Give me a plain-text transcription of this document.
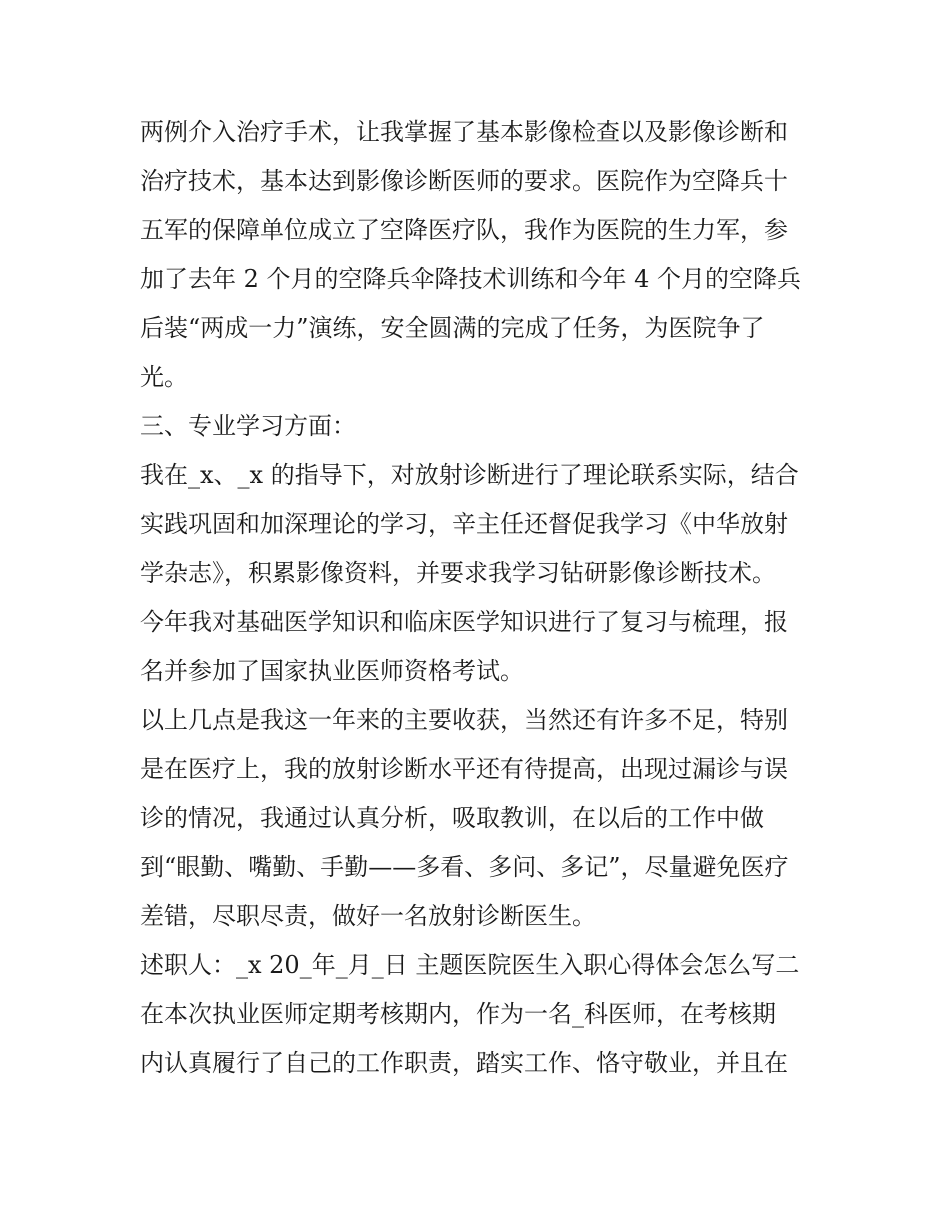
两例介入治疗手术，让我掌握了基本影像检查以及影像诊断和
治疗技术，基本达到影像诊断医师的要求。医院作为空降兵十
五军的保障单位成立了空降医疗队，我作为医院的生力军，参
加了去年 2 个月的空降兵伞降技术训练和今年 4 个月的空降兵
后装“两成一力”演练，安全圆满的完成了任务，为医院争了
光。
三、专业学习方面：
我在_x、_x 的指导下，对放射诊断进行了理论联系实际，结合
实践巩固和加深理论的学习，辛主任还督促我学习《中华放射
学杂志》，积累影像资料，并要求我学习钻研影像诊断技术。
今年我对基础医学知识和临床医学知识进行了复习与梳理，报
名并参加了国家执业医师资格考试。
以上几点是我这一年来的主要收获，当然还有许多不足，特别
是在医疗上，我的放射诊断水平还有待提高，出现过漏诊与误
诊的情况，我通过认真分析，吸取教训，在以后的工作中做
到“眼勤、嘴勤、手勤——多看、多问、多记”，尽量避免医疗
差错，尽职尽责，做好一名放射诊断医生。
述职人：_x 20_年_月_日 主题医院医生入职心得体会怎么写二
在本次执业医师定期考核期内，作为一名_科医师，在考核期
内认真履行了自己的工作职责，踏实工作、恪守敬业，并且在
